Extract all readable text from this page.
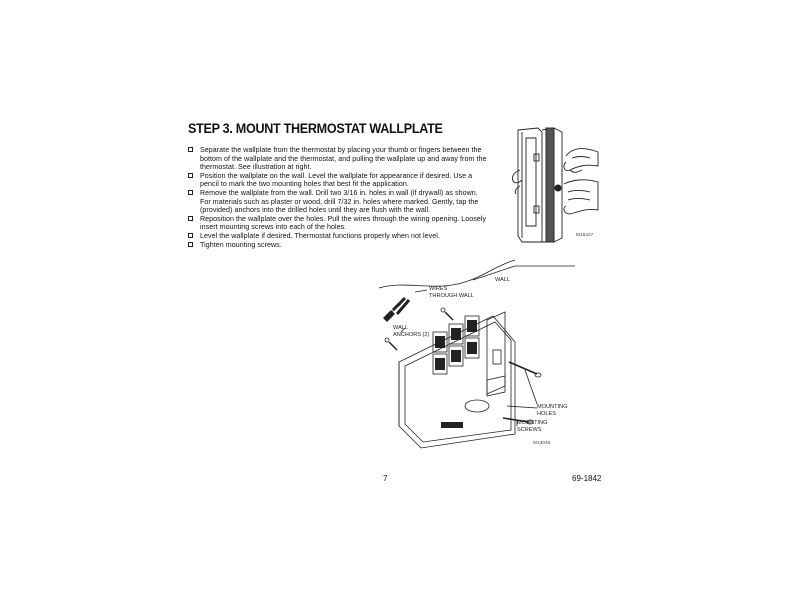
STEP 3. MOUNT THERMOSTAT WALLPLATE
Separate the wallplate from the thermostat by placing your thumb or fingers between the bottom of the wallplate and the thermostat, and pulling the wallplate up and away from the thermostat. See illustration at right.
Position the wallplate on the wall. Level the wallplate for appearance if desired. Use a pencil to mark the two mounting holes that best fit the application.
Remove the wallplate from the wall. Drill two 3/16 in. holes in wall (if drywall) as shown. For materials such as plaster or wood, drill 7/32 in. holes where marked. Gently, tap the (provided) anchors into the drilled holes until they are flush with the wall.
Reposition the wallplate over the holes. Pull the wires through the wiring opening. Loosely insert mounting screws into each of the holes.
Level the wallplate if desired. Thermostat functions properly when not level.
Tighten mounting screws.
M16427
WALL
WIRES
THROUGH WALL
WALL
ANCHORS (2)
MOUNTING
HOLES
MOUNTING
SCREWS
M13046
7	69-1842
